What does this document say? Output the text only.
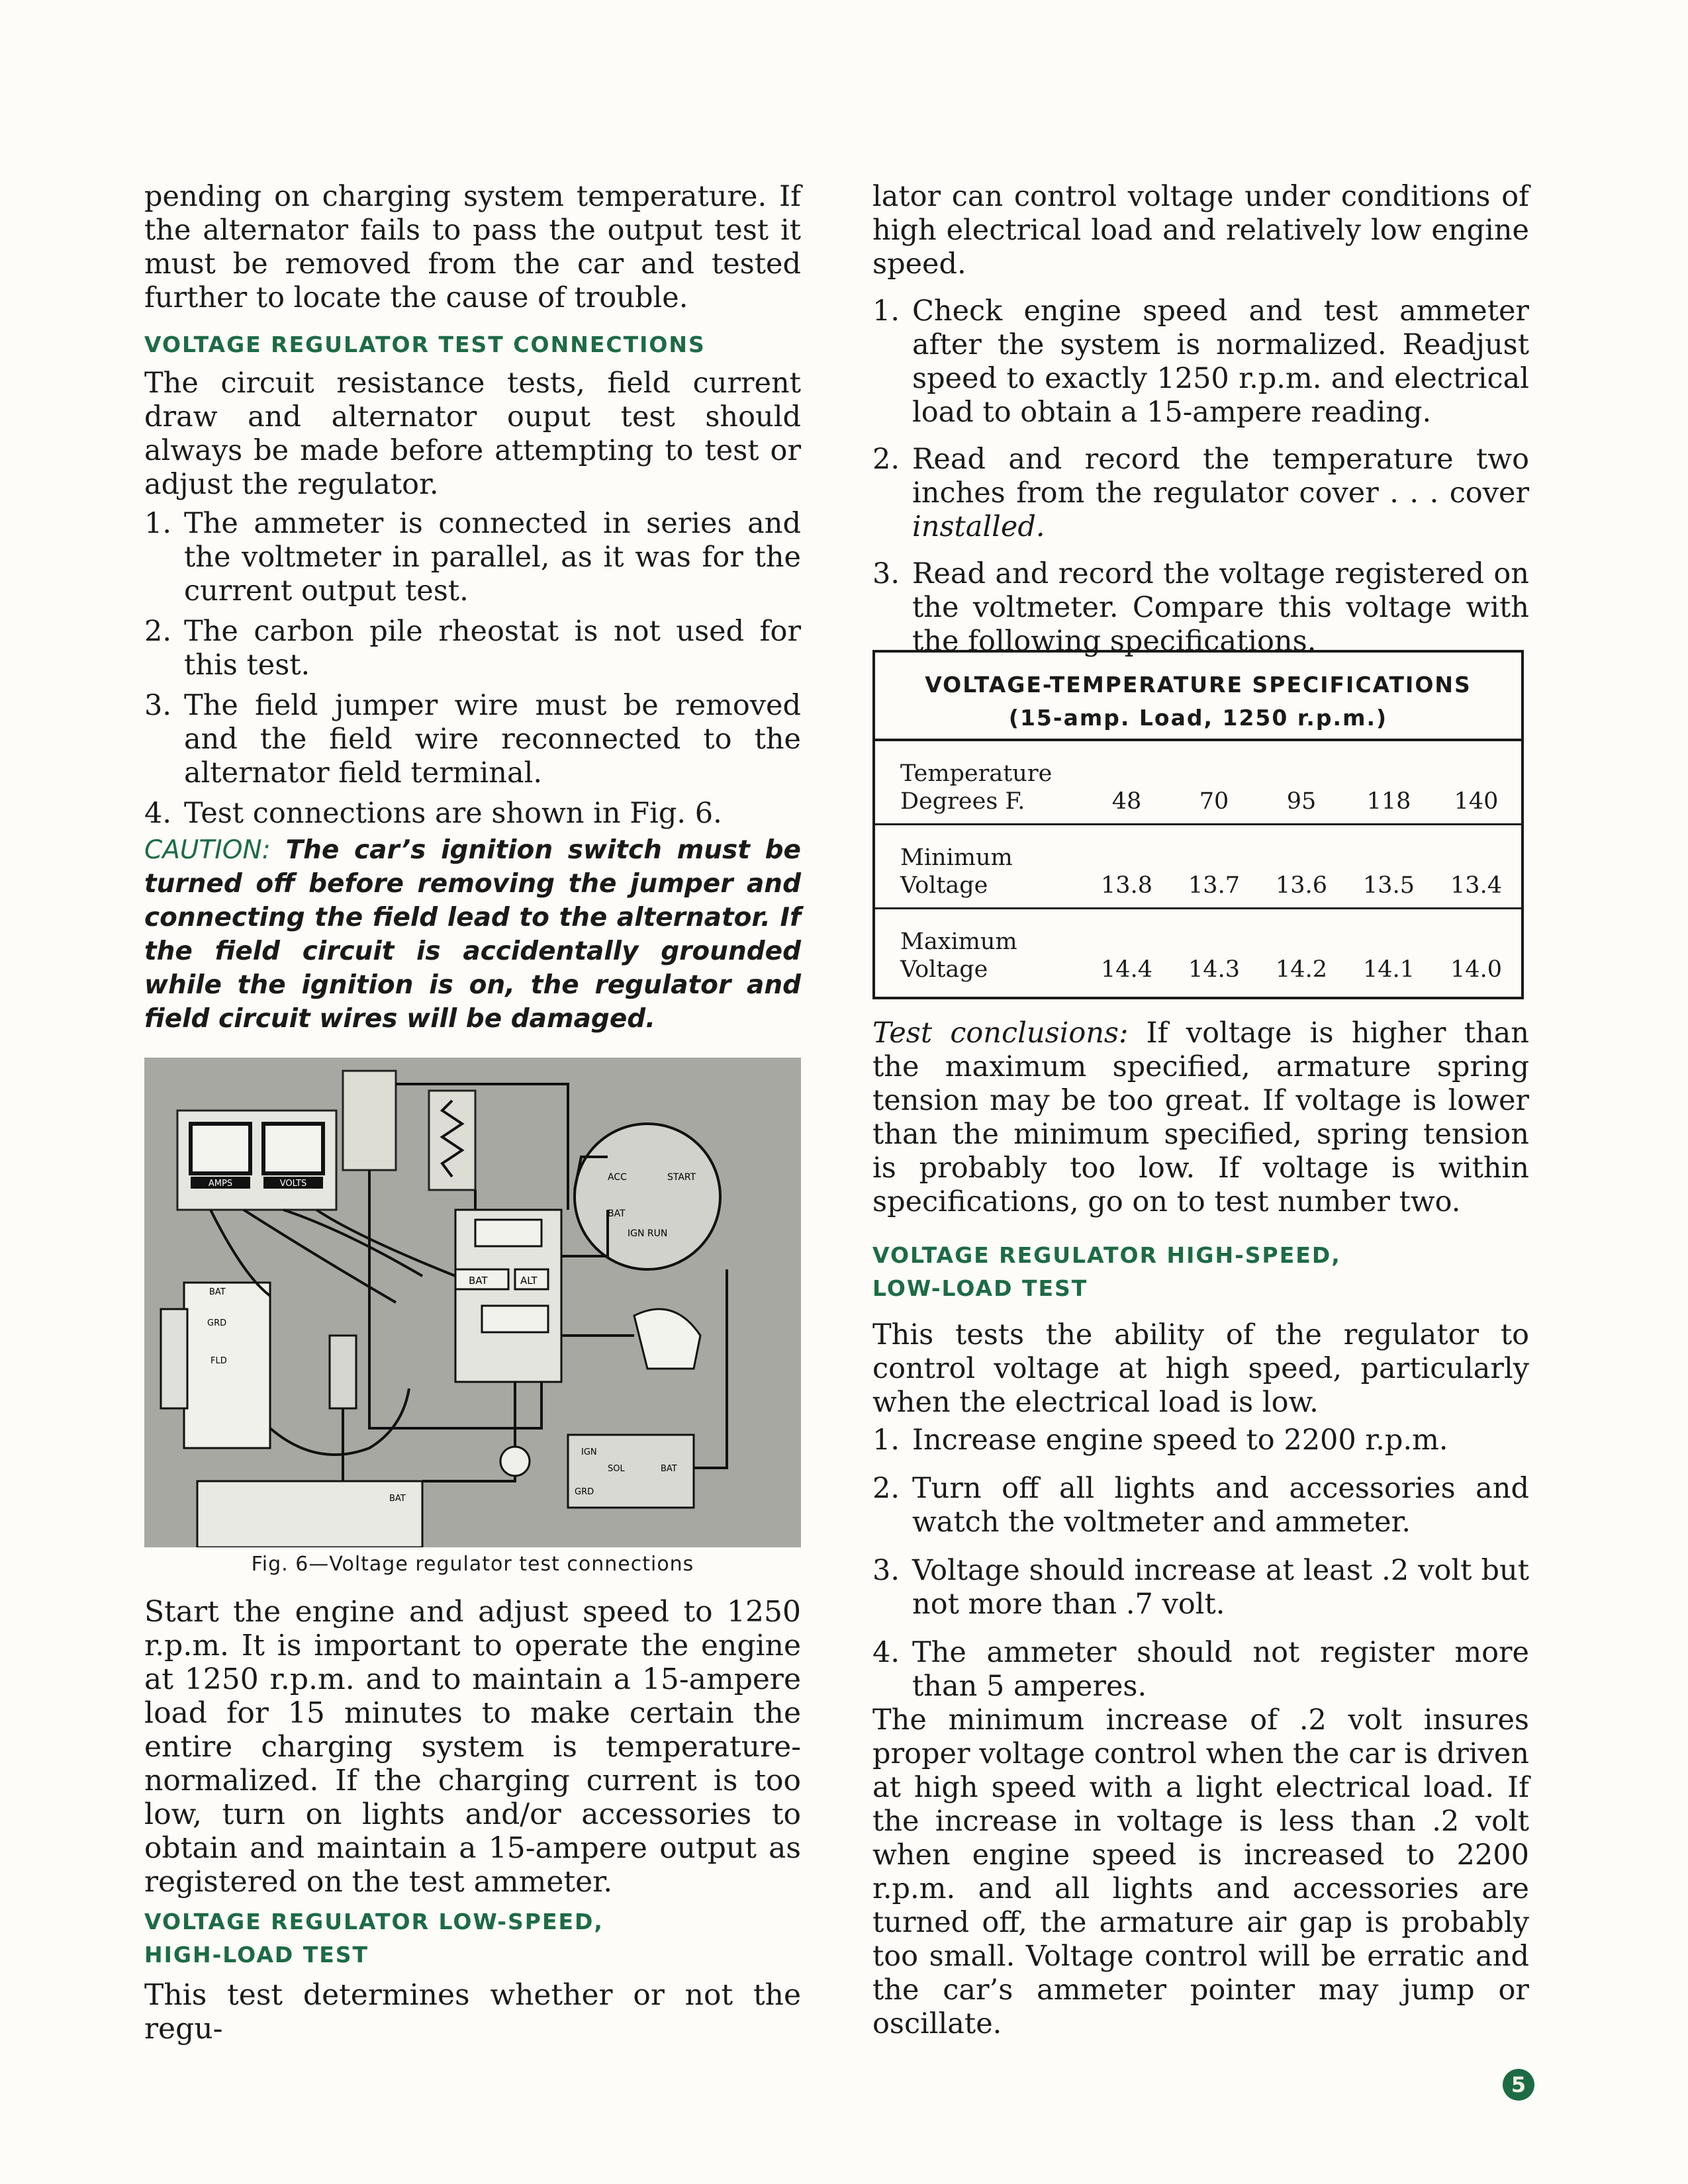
pending on charging system temperature. If the alternator fails to pass the output test it must be removed from the car and tested further to locate the cause of trouble.

VOLTAGE REGULATOR TEST CONNECTIONS

The circuit resistance tests, field current draw and alternator ouput test should always be made before attempting to test or adjust the regulator.

1. The ammeter is connected in series and the voltmeter in parallel, as it was for the current output test.
2. The carbon pile rheostat is not used for this test.
3. The field jumper wire must be removed and the field wire reconnected to the alternator field terminal.
4. Test connections are shown in Fig. 6.

CAUTION: The car’s ignition switch must be turned off before removing the jumper and connecting the field lead to the alternator. If the field circuit is accidentally grounded while the ignition is on, the regulator and field circuit wires will be damaged.

AMPS	VOLTS
ACC	START
BAT
IGN RUN
BAT	ALT
BAT
GRD
FLD
BAT
IGN
SOL
GRD
BAT
Fig. 6—Voltage regulator test connections

Start the engine and adjust speed to 1250 r.p.m. It is important to operate the engine at 1250 r.p.m. and to maintain a 15-ampere load for 15 minutes to make certain the entire charging system is temperature-normalized. If the charging current is too low, turn on lights and/or accessories to obtain and maintain a 15-ampere output as registered on the test ammeter.

VOLTAGE REGULATOR LOW-SPEED,

HIGH-LOAD TEST

This test determines whether or not the regu-

lator can control voltage under conditions of high electrical load and relatively low engine speed.

1. Check engine speed and test ammeter after the system is normalized. Readjust speed to exactly 1250 r.p.m. and electrical load to obtain a 15-ampere reading.
2. Read and record the temperature two inches from the regulator cover . . . cover installed.
3. Read and record the voltage registered on the voltmeter. Compare this voltage with the following specifications.
VOLTAGE-TEMPERATURE SPECIFICATIONS
(15-amp. Load, 1250 r.p.m.)
Temperature
Degrees F.	48	70	95	118	140
Minimum
Voltage	13.8	13.7	13.6	13.5	13.4
Maximum
Voltage	14.4	14.3	14.2	14.1	14.0

Test conclusions: If voltage is higher than the maximum specified, armature spring tension may be too great. If voltage is lower than the minimum specified, spring tension is probably too low. If voltage is within specifications, go on to test number two.

VOLTAGE REGULATOR HIGH-SPEED,

LOW-LOAD TEST

This tests the ability of the regulator to control voltage at high speed, particularly when the electrical load is low.

1. Increase engine speed to 2200 r.p.m.
2. Turn off all lights and accessories and watch the voltmeter and ammeter.
3. Voltage should increase at least .2 volt but not more than .7 volt.
4. The ammeter should not register more than 5 amperes.

The minimum increase of .2 volt insures proper voltage control when the car is driven at high speed with a light electrical load. If the increase in voltage is less than .2 volt when engine speed is increased to 2200 r.p.m. and all lights and accessories are turned off, the armature air gap is probably too small. Voltage control will be erratic and the car’s ammeter pointer may jump or oscillate.

5
